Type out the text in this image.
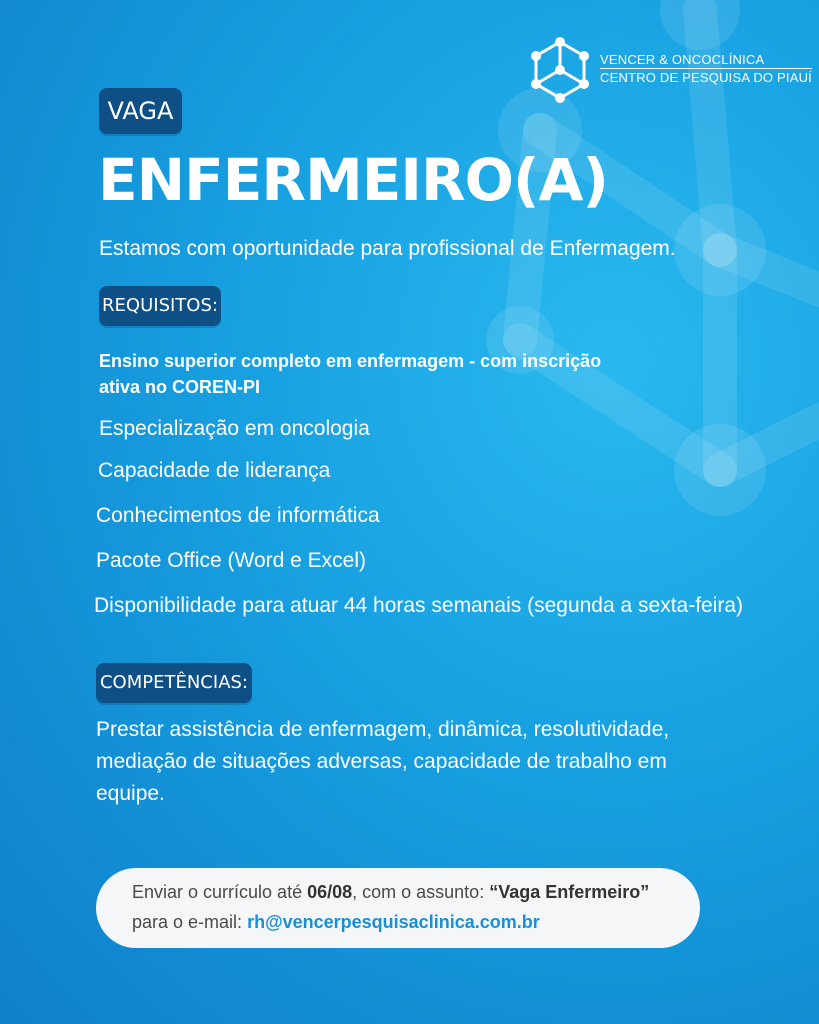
VENCER & ONCOCLÍNICA
CENTRO DE PESQUISA DO PIAUÍ
VAGA
ENFERMEIRO(A)
Estamos com oportunidade para profissional de Enfermagem.
REQUISITOS:
Ensino superior completo em enfermagem - com inscrição ativa no COREN-PI
Especialização em oncologia
Capacidade de liderança
Conhecimentos de informática
Pacote Office (Word e Excel)
Disponibilidade para atuar 44 horas semanais (segunda a sexta-feira)
COMPETÊNCIAS:
Prestar assistência de enfermagem, dinâmica, resolutividade, mediação de situações adversas, capacidade de trabalho em equipe.
Enviar o currículo até 06/08, com o assunto: “Vaga Enfermeiro”
para o e-mail: rh@vencerpesquisaclinica.com.br
